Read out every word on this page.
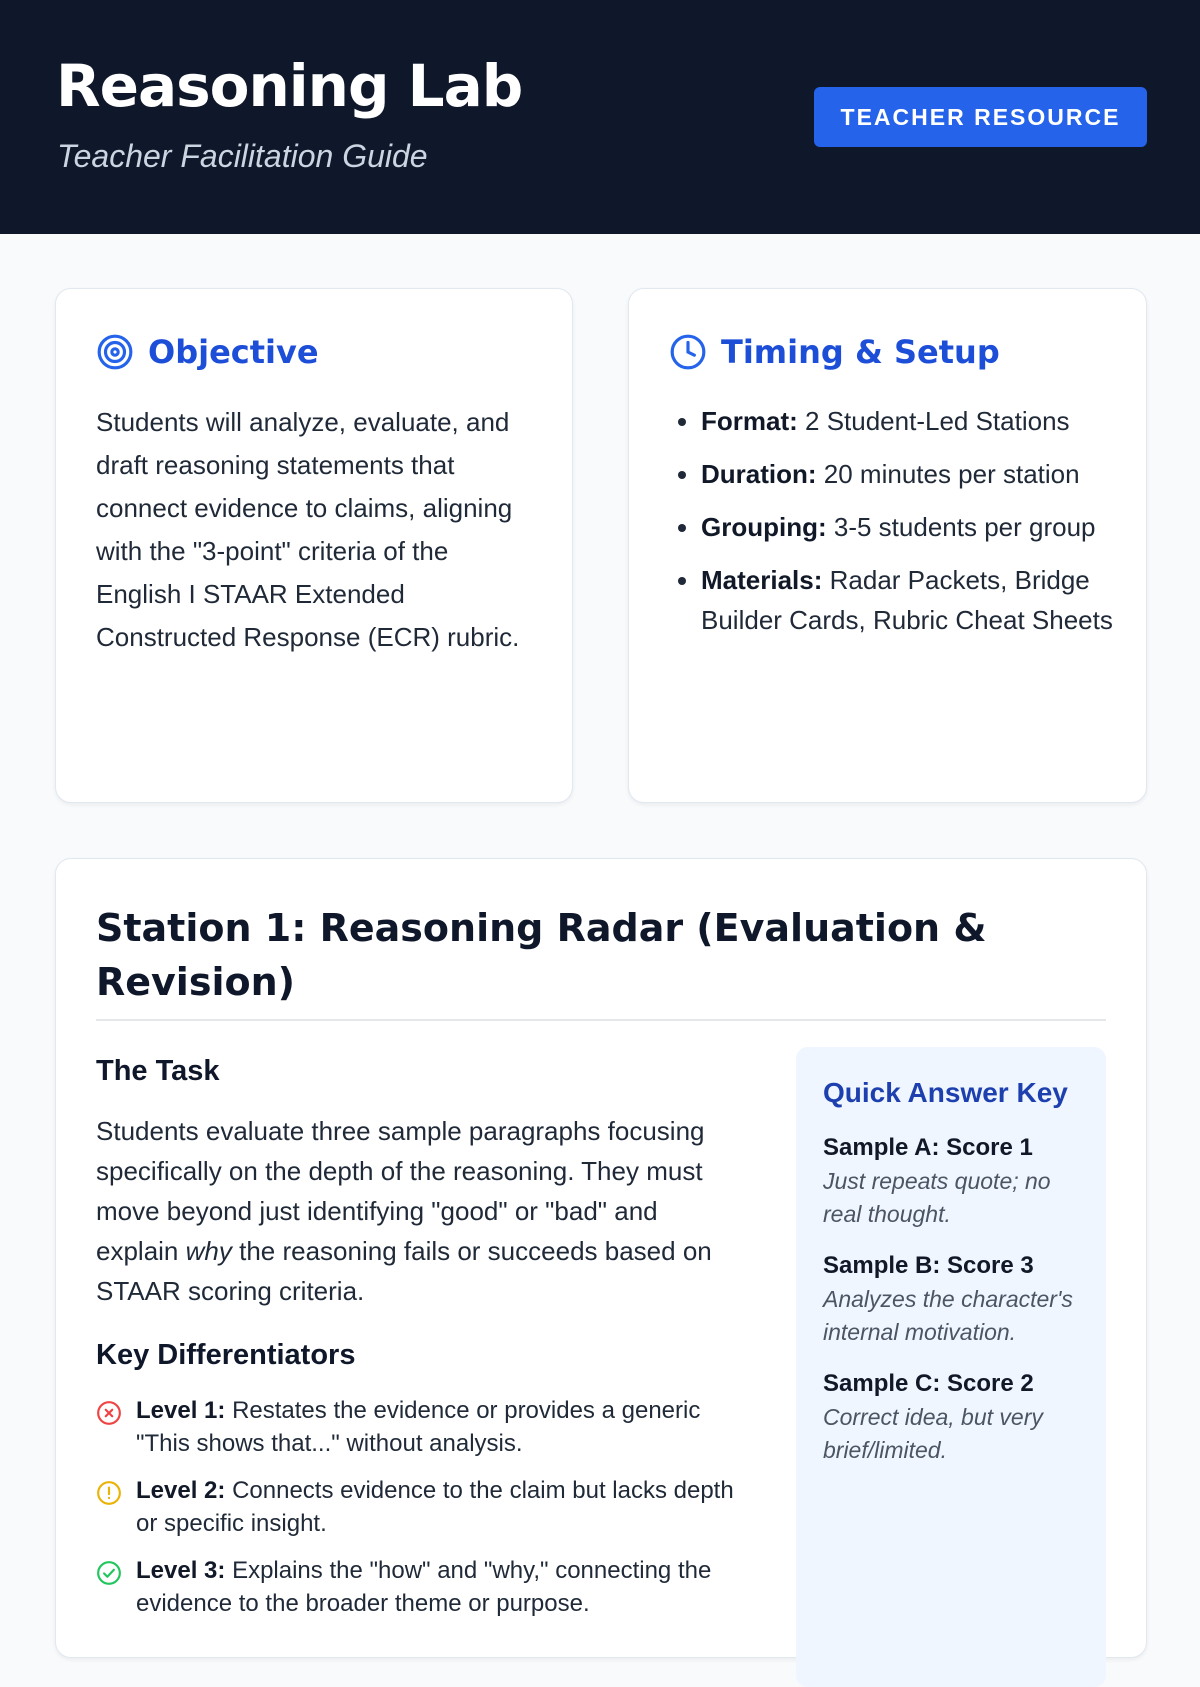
Reasoning Lab
Teacher Facilitation Guide
TEACHER RESOURCE
Objective

Students will analyze, evaluate, and draft reasoning statements that connect evidence to claims, aligning with the "3-point" criteria of the English I STAAR Extended Constructed Response (ECR) rubric.

Timing & Setup
• Format: 2 Student-Led Stations
• Duration: 20 minutes per station
• Grouping: 3-5 students per group
• Materials: Radar Packets, Bridge Builder Cards, Rubric Cheat Sheets
Station 1: Reasoning Radar (Evaluation & Revision)
The Task

Students evaluate three sample paragraphs focusing specifically on the depth of the reasoning. They must move beyond just identifying "good" or "bad" and explain why the reasoning fails or succeeds based on STAAR scoring criteria.

Key Differentiators
Level 1: Restates the evidence or provides a generic "This shows that..." without analysis.
Level 2: Connects evidence to the claim but lacks depth or specific insight.
Level 3: Explains the "how" and "why," connecting the evidence to the broader theme or purpose.
Quick Answer Key
Sample A: Score 1
Just repeats quote; no real thought.
Sample B: Score 3
Analyzes the character's internal motivation.
Sample C: Score 2
Correct idea, but very brief/limited.
